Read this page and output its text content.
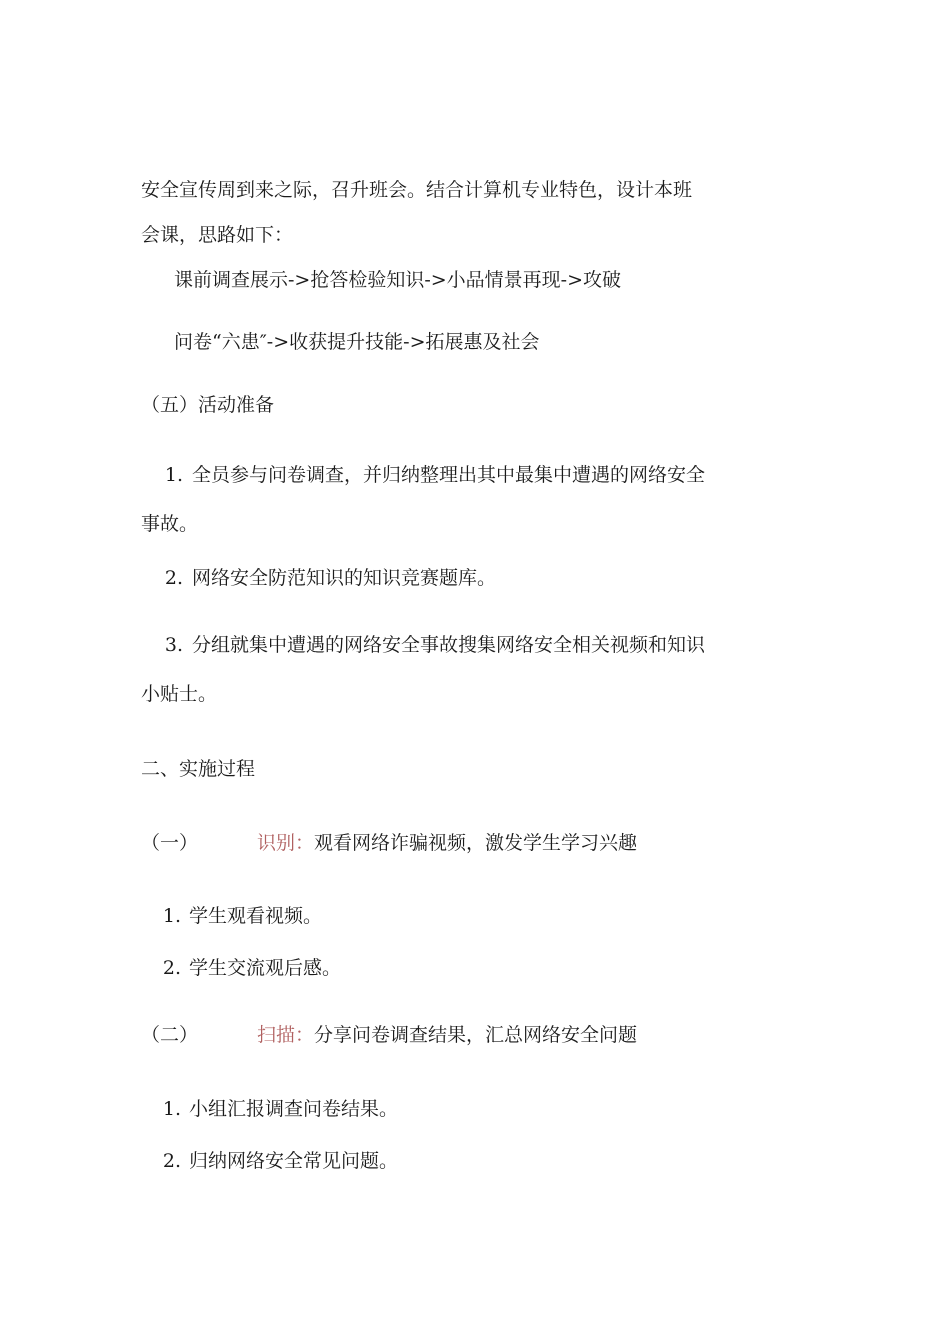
安全宣传周到来之际，召升班会。结合计算机专业特色，设计本班
会课，思路如下：
课前调查展示->抢答检验知识->小品情景再现->攻破
问卷“六患″->收获提升技能->拓展惠及社会
（五）活动准备
1. 全员参与问卷调查，并归纳整理出其中最集中遭遇的网络安全
事故。
2. 网络安全防范知识的知识竞赛题库。
3. 分组就集中遭遇的网络安全事故搜集网络安全相关视频和知识
小贴士。
二、实施过程
（一）	识别：观看网络诈骗视频，激发学生学习兴趣
1. 学生观看视频。
2. 学生交流观后感。
（二）	扫描：分享问卷调查结果，汇总网络安全问题
1. 小组汇报调查问卷结果。
2. 归纳网络安全常见问题。
